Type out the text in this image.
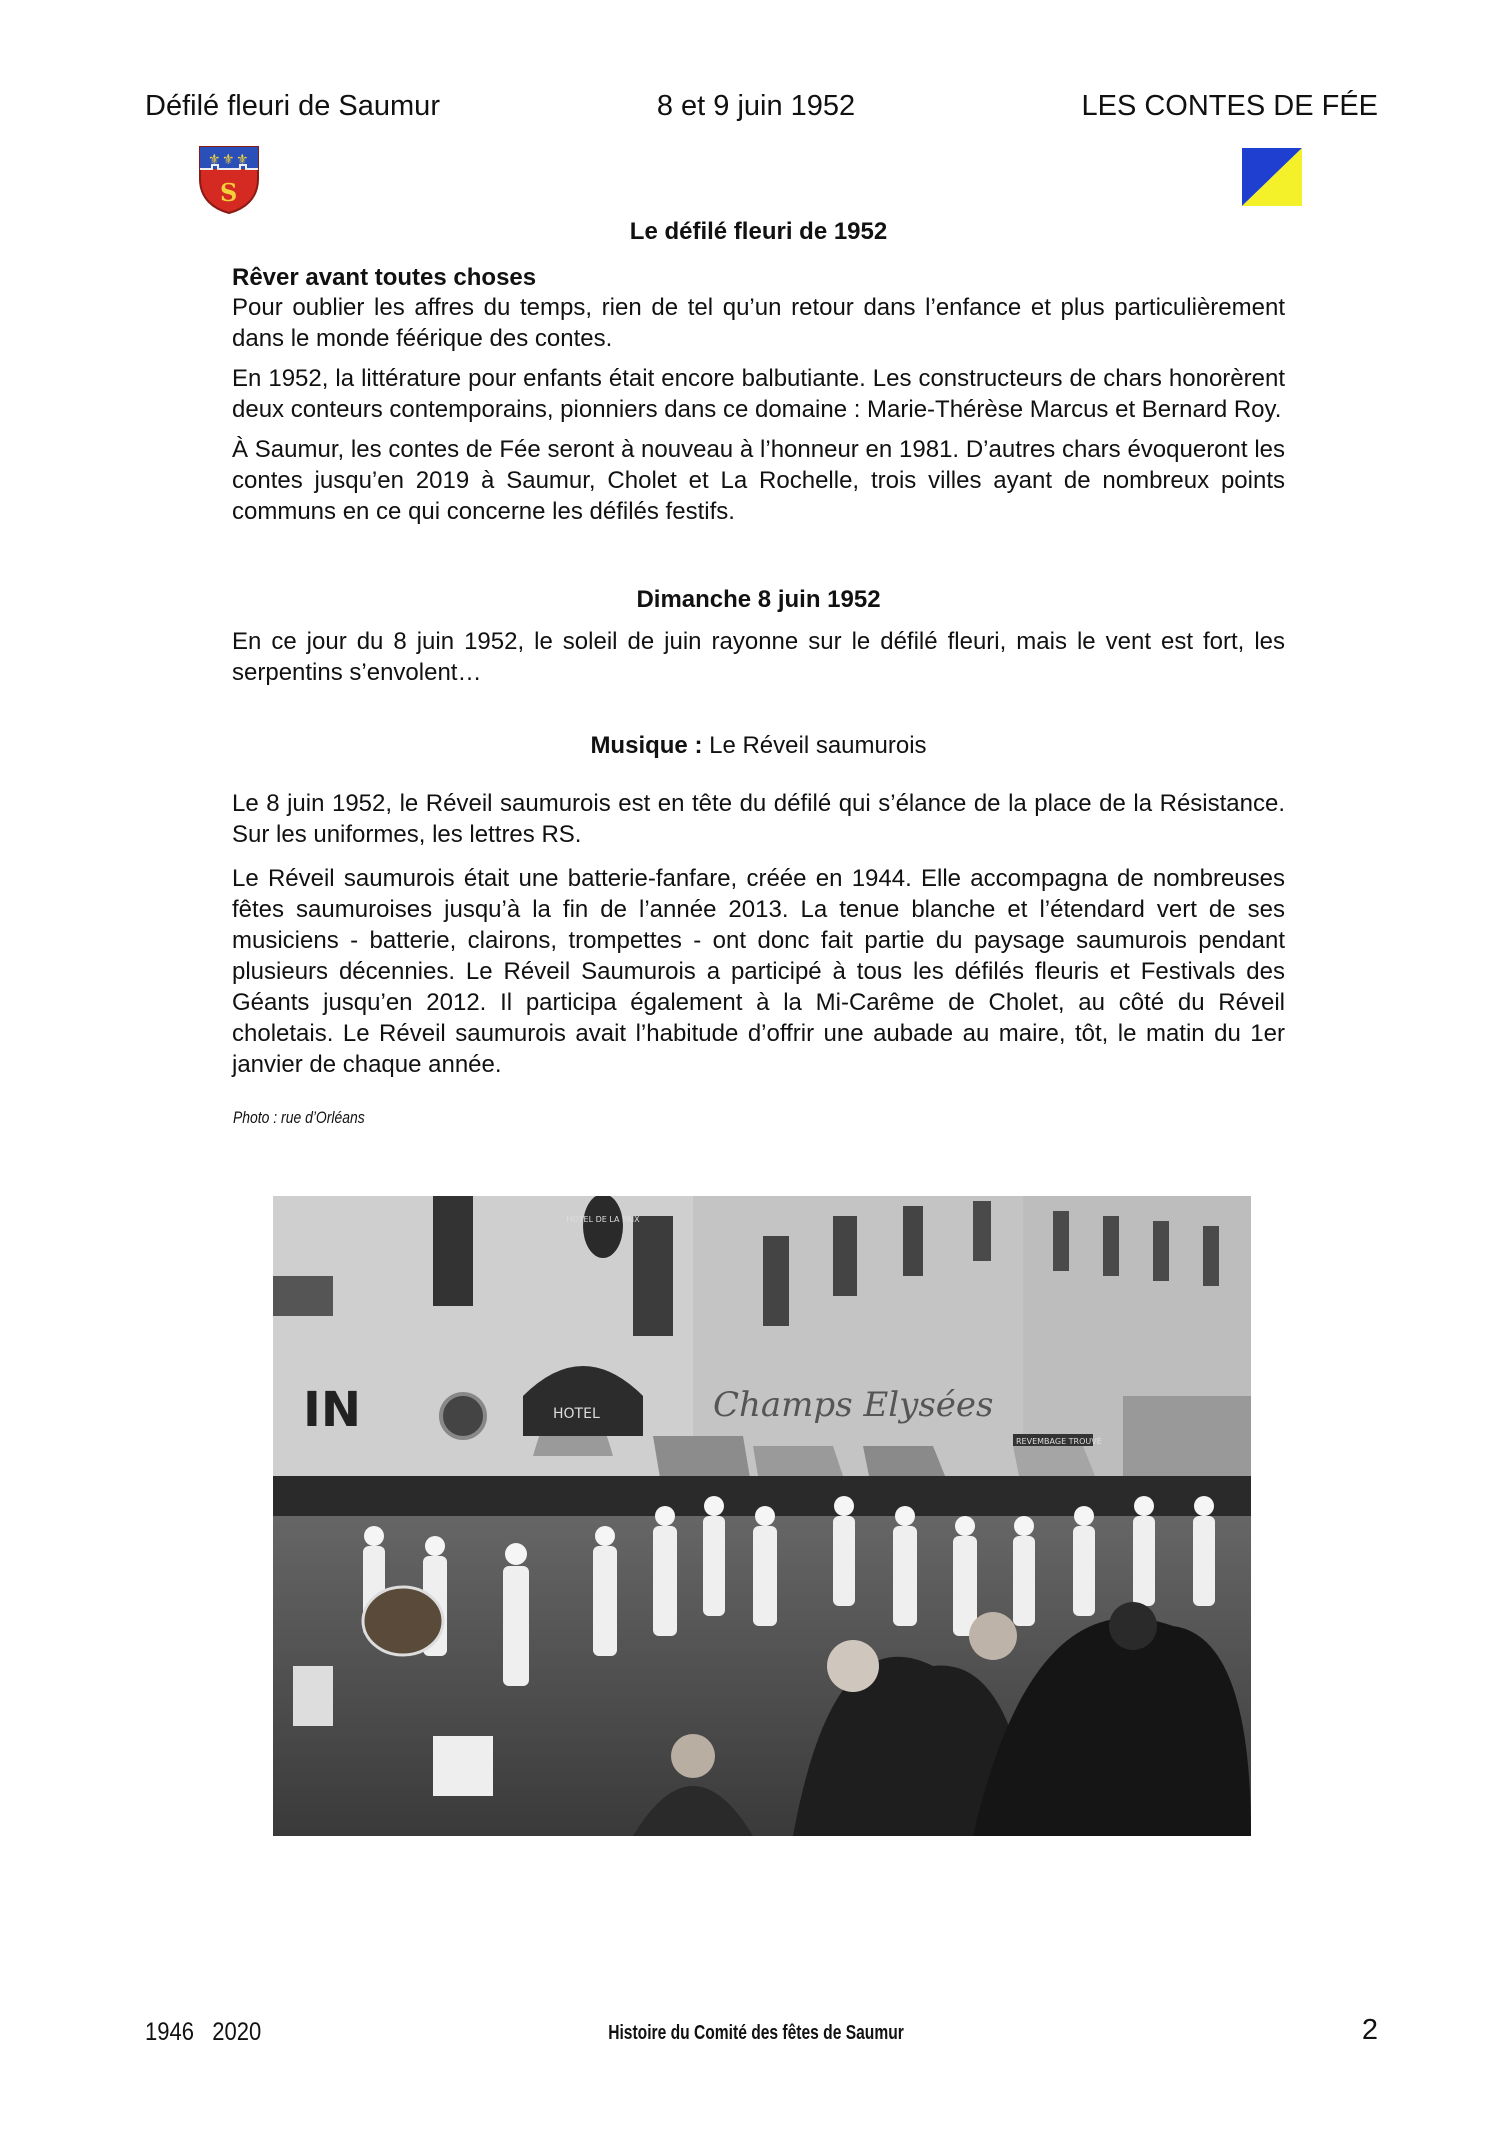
Défilé fleuri de Saumur	8 et 9 juin 1952	LES CONTES DE FÉE
⚜ ⚜ ⚜
S
Le défilé fleuri de 1952
Rêver avant toutes choses

Pour oublier les affres du temps, rien de tel qu’un retour dans l’enfance et plus particulièrement dans le monde féérique des contes.

En 1952, la littérature pour enfants était encore balbutiante. Les constructeurs de chars honorèrent deux conteurs contemporains, pionniers dans ce domaine : Marie-Thérèse Marcus et Bernard Roy.

À Saumur, les contes de Fée seront à nouveau à l’honneur en 1981. D’autres chars évoqueront les contes jusqu’en 2019 à Saumur, Cholet et La Rochelle, trois villes ayant de nombreux points communs en ce qui concerne les défilés festifs.

Dimanche 8 juin 1952

En ce jour du 8 juin 1952, le soleil de juin rayonne sur le défilé fleuri, mais le vent est fort, les serpentins s’envolent…

Musique : Le Réveil saumurois

Le 8 juin 1952, le Réveil saumurois est en tête du défilé qui s’élance de la place de la Résistance. Sur les uniformes, les lettres RS.

Le Réveil saumurois était une batterie-fanfare, créée en 1944. Elle accompagna de nombreuses fêtes saumuroises jusqu’à la fin de l’année 2013. La tenue blanche et l’étendard vert de ses musiciens - batterie, clairons, trompettes - ont donc fait partie du paysage saumurois pendant plusieurs décennies. Le Réveil Saumurois a participé à tous les défilés fleuris et Festivals des Géants jusqu’en 2012. Il participa également à la Mi-Carême de Cholet, au côté du Réveil choletais. Le Réveil saumurois avait l’habitude d’offrir une aubade au maire, tôt, le matin du 1er janvier de chaque année.

Photo : rue d’Orléans
HOTEL DE LA PAIX
HOTEL
IN	Champs Elysées
REVEMBAGE TROUVÉ
1946   2020	Histoire du Comité des fêtes de Saumur	2
